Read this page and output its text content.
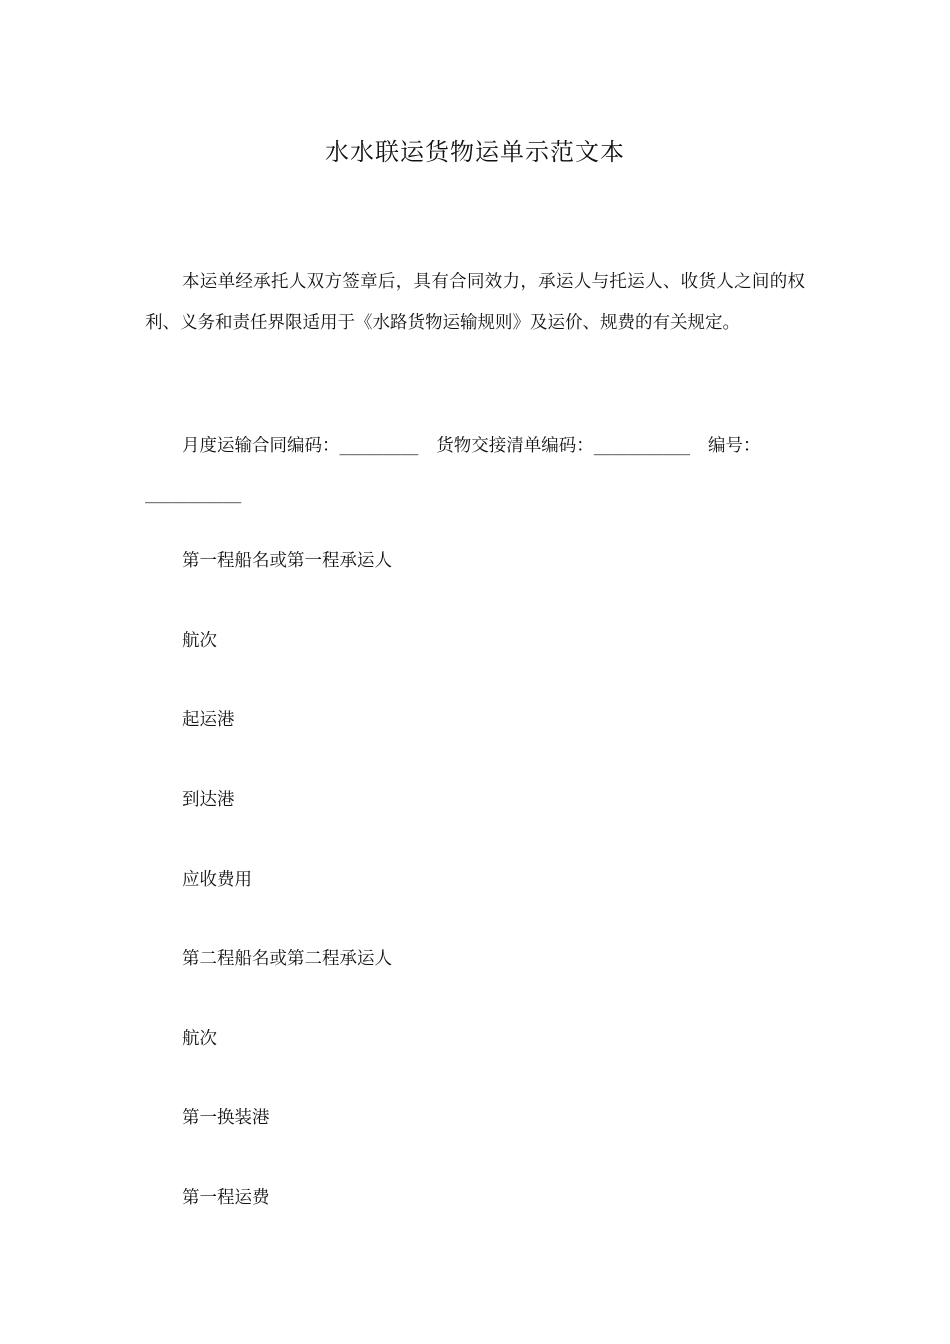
水水联运货物运单示范文本

本运单经承托人双方签章后，具有合同效力，承运人与托运人、收货人之间的权利、义务和责任界限适用于《水路货物运输规则》及运价、规费的有关规定。

月度运输合同编码：_________ 货物交接清单编码：___________ 编号：
___________

第一程船名或第一程承运人
航次
起运港
到达港
应收费用
第二程船名或第二程承运人
航次
第一换装港
第一程运费
